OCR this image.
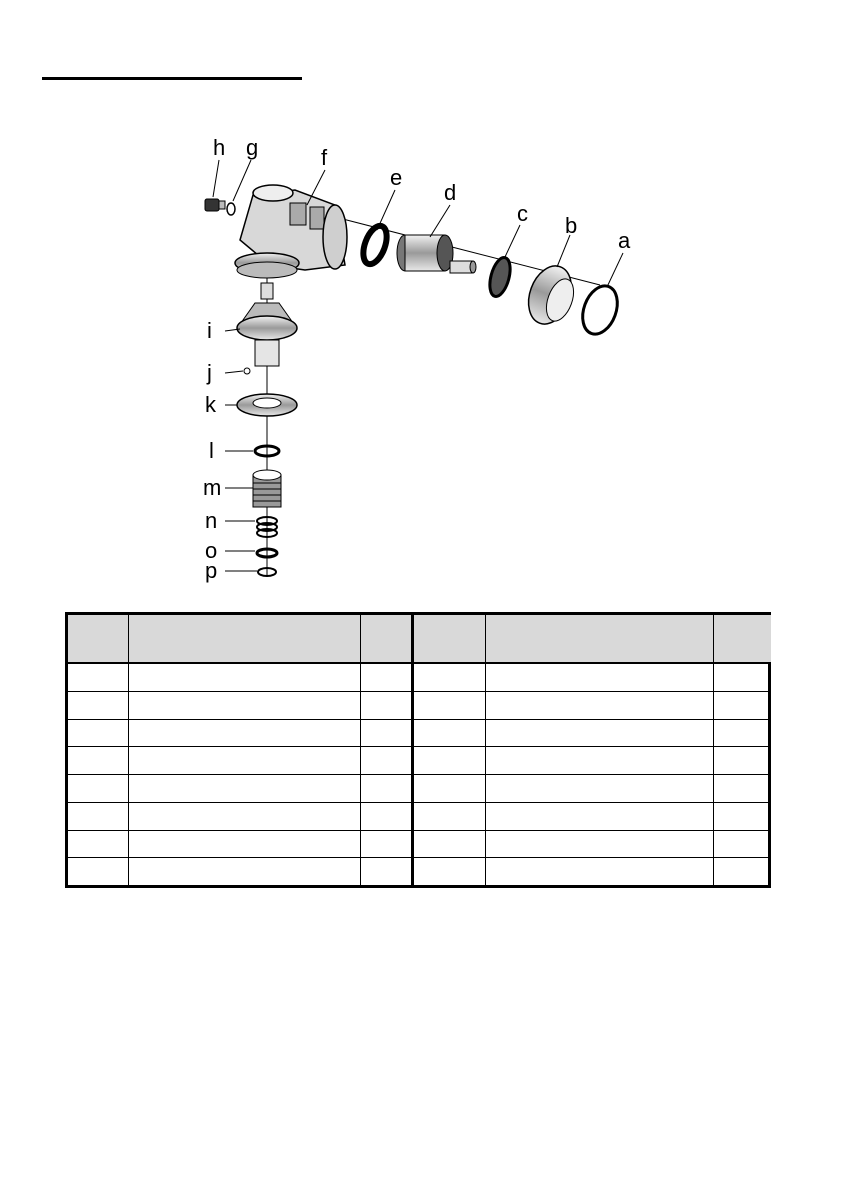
h g	f
e
d
c b
a
i
j
k
l
m
n
o
p
